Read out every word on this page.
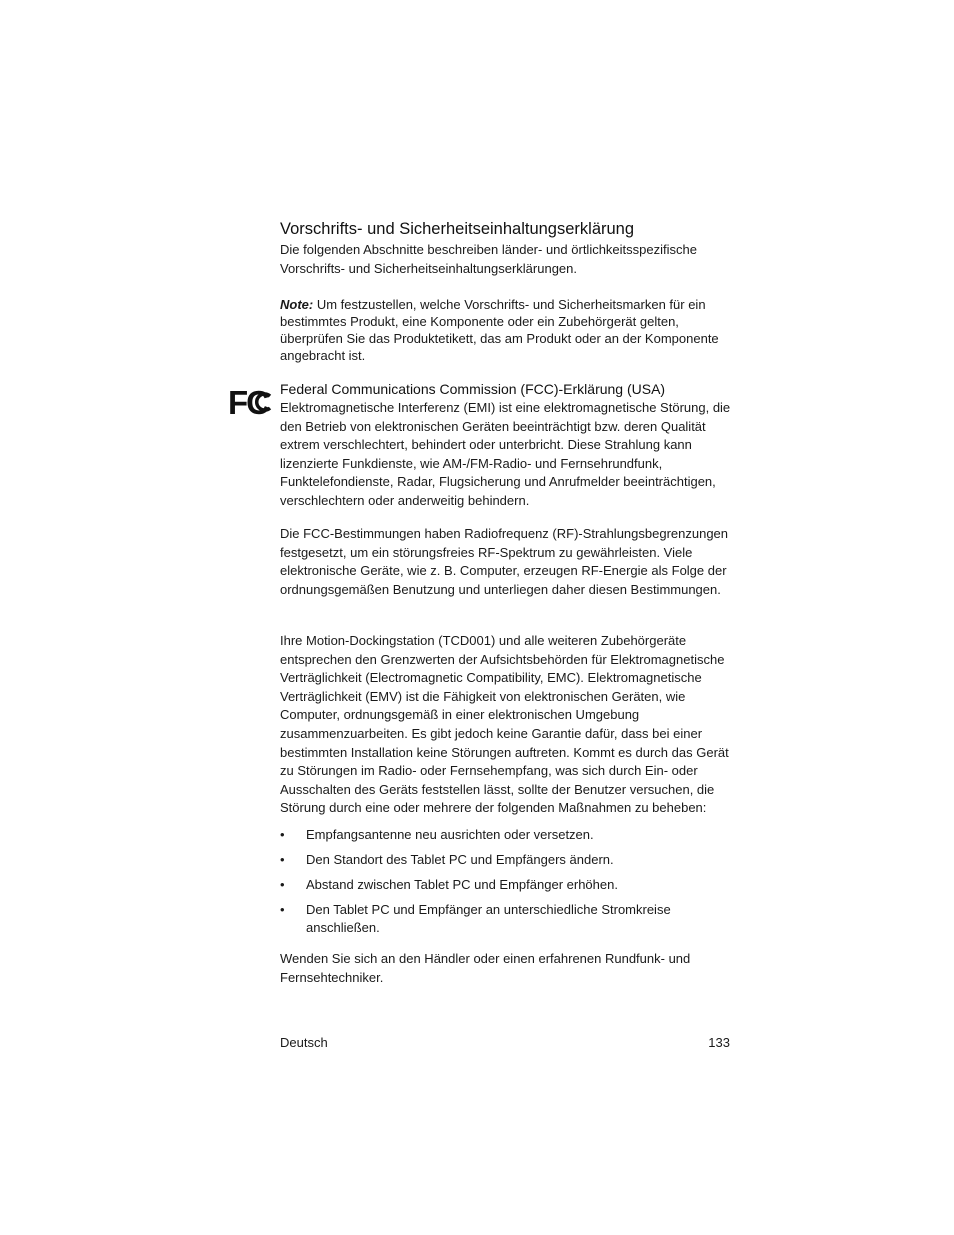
Vorschrifts- und Sicherheitseinhaltungserklärung
Die folgenden Abschnitte beschreiben länder- und örtlichkeitsspezifische Vorschrifts- und Sicherheitseinhaltungserklärungen.
Note: Um festzustellen, welche Vorschrifts- und Sicherheitsmarken für ein bestimmtes Produkt, eine Komponente oder ein Zubehörgerät gelten, überprüfen Sie das Produktetikett, das am Produkt oder an der Komponente angebracht ist.
FC Federal Communications Commission (FCC)-Erklärung (USA)
Elektromagnetische Interferenz (EMI) ist eine elektromagnetische Störung, die den Betrieb von elektronischen Geräten beeinträchtigt bzw. deren Qualität extrem verschlechtert, behindert oder unterbricht. Diese Strahlung kann lizenzierte Funkdienste, wie AM-/FM-Radio- und Fernsehrundfunk, Funktelefondienste, Radar, Flugsicherung und Anrufmelder beeinträchtigen, verschlechtern oder anderweitig behindern.
Die FCC-Bestimmungen haben Radiofrequenz (RF)-Strahlungsbegrenzungen festgesetzt, um ein störungsfreies RF-Spektrum zu gewährleisten. Viele elektronische Geräte, wie z. B. Computer, erzeugen RF-Energie als Folge der ordnungsgemäßen Benutzung und unterliegen daher diesen Bestimmungen.
Ihre Motion-Dockingstation (TCD001) und alle weiteren Zubehörgeräte entsprechen den Grenzwerten der Aufsichtsbehörden für Elektromagnetische Verträglichkeit (Electromagnetic Compatibility, EMC). Elektromagnetische Verträglichkeit (EMV) ist die Fähigkeit von elektronischen Geräten, wie Computer, ordnungsgemäß in einer elektronischen Umgebung zusammenzuarbeiten. Es gibt jedoch keine Garantie dafür, dass bei einer bestimmten Installation keine Störungen auftreten. Kommt es durch das Gerät zu Störungen im Radio- oder Fernsehempfang, was sich durch Ein- oder Ausschalten des Geräts feststellen lässt, sollte der Benutzer versuchen, die Störung durch eine oder mehrere der folgenden Maßnahmen zu beheben:
• Empfangsantenne neu ausrichten oder versetzen.
• Den Standort des Tablet PC und Empfängers ändern.
• Abstand zwischen Tablet PC und Empfänger erhöhen.
• Den Tablet PC und Empfänger an unterschiedliche Stromkreise anschließen.
Wenden Sie sich an den Händler oder einen erfahrenen Rundfunk- und Fernsehtechniker.
Deutsch	133
